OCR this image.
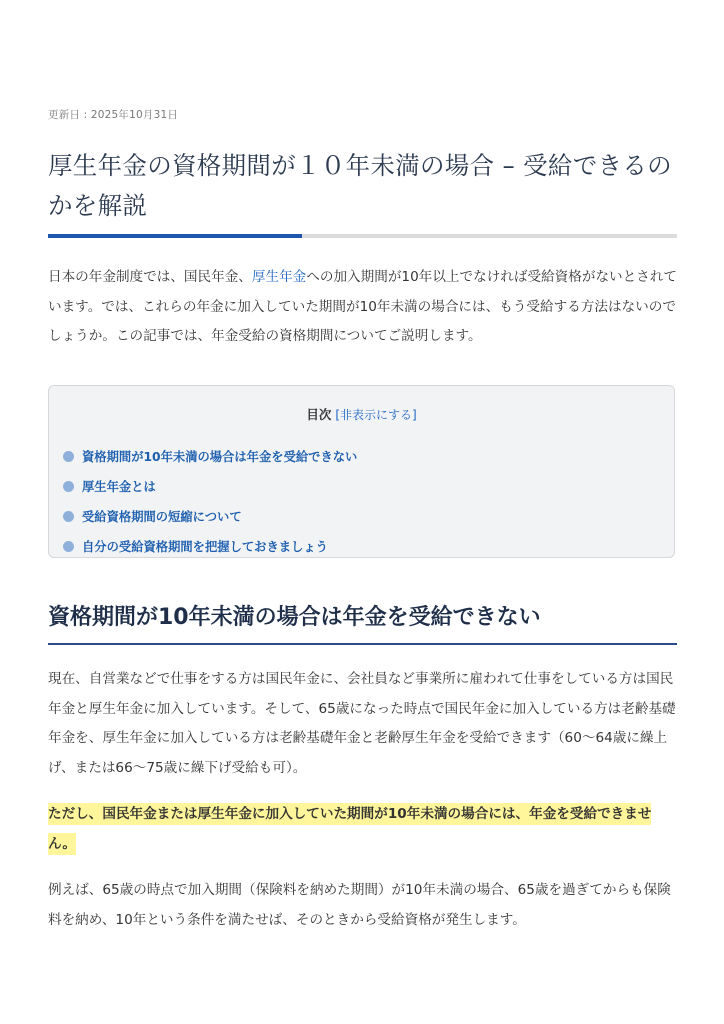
更新日 : 2025年10月31日
厚生年金の資格期間が１０年未満の場合 – 受給できるのかを解説

日本の年金制度では、国民年金、厚生年金への加入期間が10年以上でなければ受給資格がないとされています。では、これらの年金に加入していた期間が10年未満の場合には、もう受給する方法はないのでしょうか。この記事では、年金受給の資格期間についてご説明します。

目次 [非表示にする]
資格期間が10年未満の場合は年金を受給できない
厚生年金とは
受給資格期間の短縮について
自分の受給資格期間を把握しておきましょう
資格期間が10年未満の場合は年金を受給できない

現在、自営業などで仕事をする方は国民年金に、会社員など事業所に雇われて仕事をしている方は国民年金と厚生年金に加入しています。そして、65歳になった時点で国民年金に加入している方は老齢基礎年金を、厚生年金に加入している方は老齢基礎年金と老齢厚生年金を受給できます（60〜64歳に繰上げ、または66〜75歳に繰下げ受給も可）。

ただし、国民年金または厚生年金に加入していた期間が10年未満の場合には、年金を受給できません。

例えば、65歳の時点で加入期間（保険料を納めた期間）が10年未満の場合、65歳を過ぎてからも保険料を納め、10年という条件を満たせば、そのときから受給資格が発生します。
